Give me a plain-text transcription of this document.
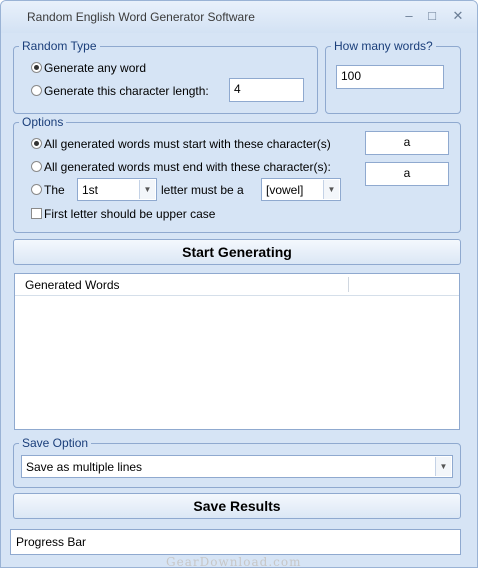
Random English Word Generator Software	–	□	✕
Random Type
Generate any word
Generate this character length:	4
How many words?
100
Options
All generated words must start with these character(s)	a
All generated words must end with these character(s):	a
The 1st	▼ letter must be a [vowel]	▼
First letter should be upper case
Start Generating
Generated Words
Save Option
Save as multiple lines	▼
Save Results
Progress Bar
GearDownload.com
